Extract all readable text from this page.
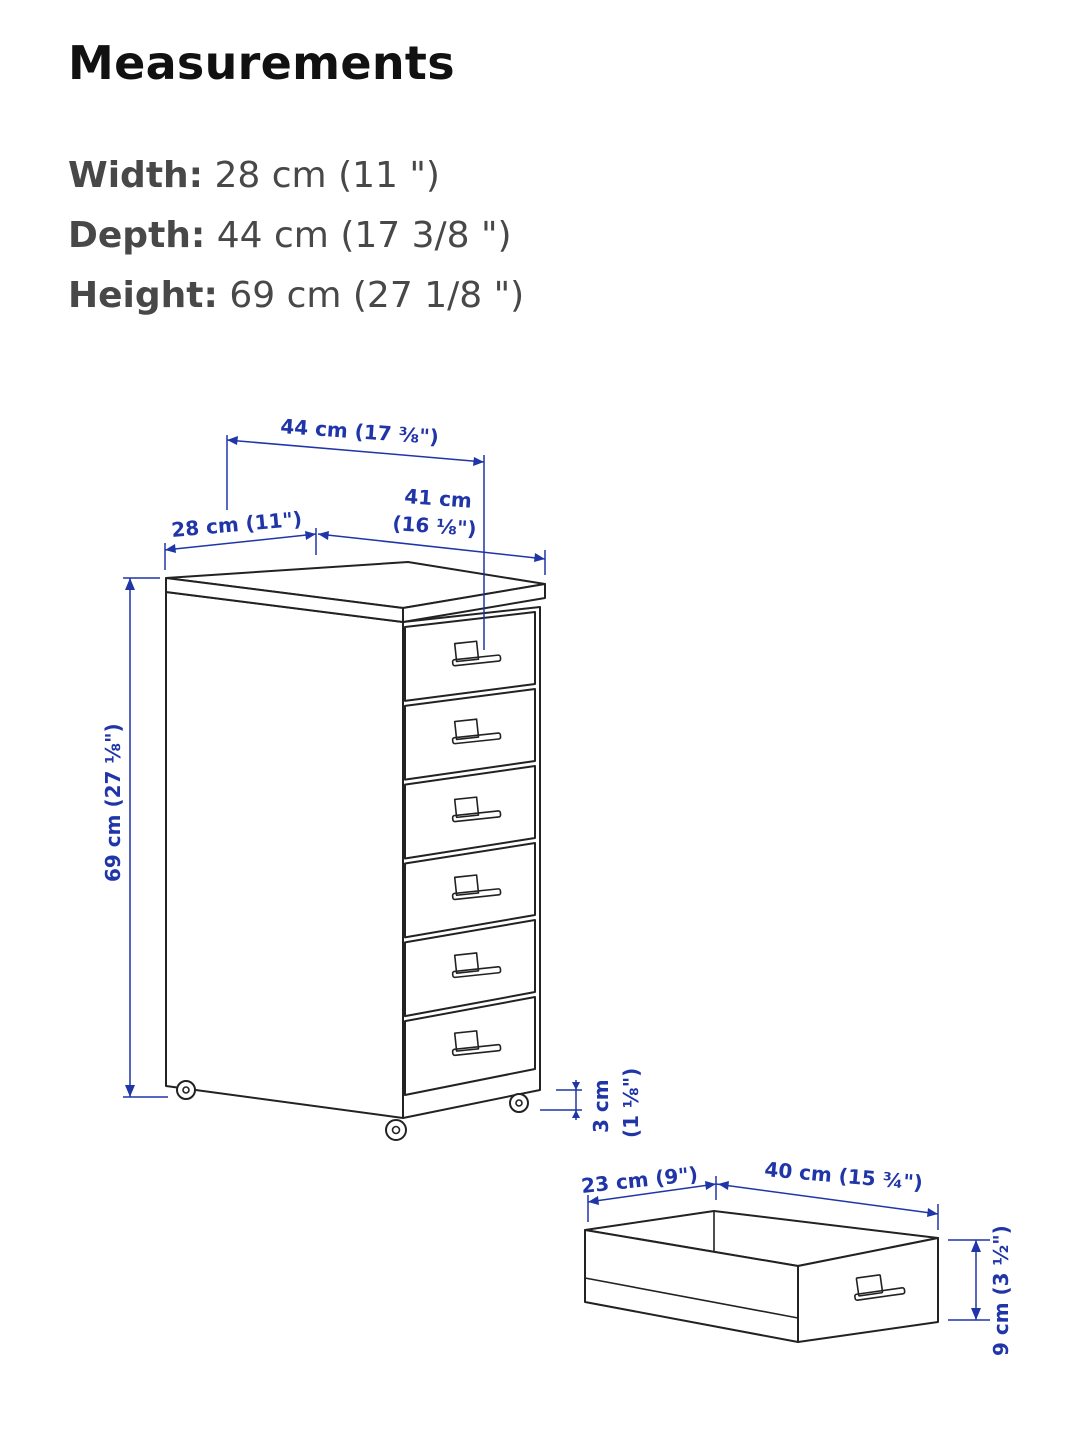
Measurements
Width: 28 cm (11 ")
Depth: 44 cm (17 3/8 ")
Height: 69 cm (27 1/8 ")
44 cm (17 ⅜")
28 cm (11")
41 cm
(16 ⅛")
69 cm (27 ⅛")
3 cm (1 ⅛")
23 cm (9")	40 cm (15 ¾")
9 cm (3 ½")
